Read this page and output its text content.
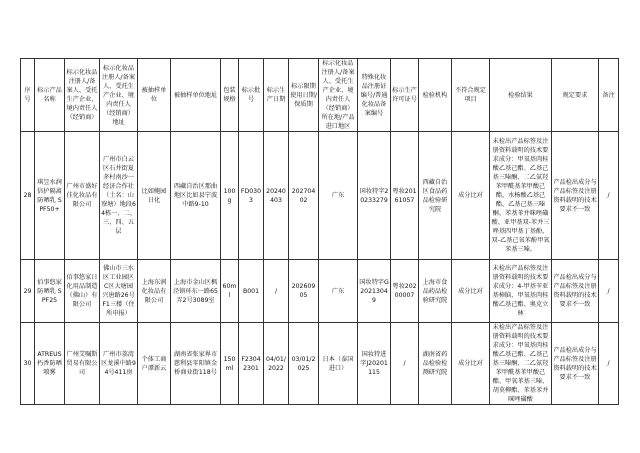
序号	标示产品名称	标示化妆品注册人/备案人、受托生产企业、境内责任人（经销商）	标示化妆品注册人/备案人、受托生产企业、境内责任人（经销商）地址	被抽样单位	被抽样单位地址	包装规格	标示批号	标示生产日期	标示限期使用日期/保质期	标示化妆品注册人/备案人、受托生产企业、境内责任人（经销商）所在地/产品进口地区	特殊化妆品注册证编号/普通化妆品备案编号	标示生产许可证号	检验机构	不符合规定项目	检验结果	规定要求	备注
28	琪昱水润倍护隔离防晒乳 SPF50+	广州市盛好佳化妆品有限公司	广州市白云区石井街夏茅村南沙一经济合作社（土名：山寮塘）地段64栋一、二、三、四、五层	比如鲍园日化	西藏自治区那曲地区比如县宁波中路9-10	100g	FD0303	20240403	20270402	广东	国妆特字20233279	粤妆20161057	西藏自治区食品药品检验研究院	成分比对	未检出产品标签及注册资料载明的技术要求成分：甲氧基肉桂酸乙基己酯、乙基己基三嗪酮、二乙氨羟苯甲酰基苯甲酸己酯、水杨酸乙基己酯、乙基己基三嗪酮、苯基苯并咪唑磺酸、亚甲基双-苯并三唑基四甲基丁基酚、双-乙基己氧苯酚甲氧苯基三嗪。	产品检出成分与产品标签及注册资料载明的技术要求不一致	/
29	佰事悠家防晒乳 SPF25	佰事悠家日化用品制造（佛山）有限公司	佛山市三水区工业园区C区大塘园兴唐路26号F1三楼（住所申报）	上海东润化妆品有限公司	上海市金山区枫泾镇环东一路65弄2号3089室	60ml	B001	/	20260905	广东	国妆特字G20213049	粤妆20200007	上海市食品药品检验研究院	成分比对	未检出产品标签及注册资料载明的技术要求成分：4-甲基苄亚基樟脑、甲氧基肉桂酸乙基己酯、奥克立林	产品检出成分与产品标签及注册资料载明的技术要求不一致	/
30	ATREUS 朽香防晒喷雾	广州艾嘱斯贸易有限公司	广州市荔湾区龙溪中路94号411房	个体工商户谭新云	湖南省张家界市慈利县零阳镇金桥商业街118号	150ml	F23042301	04/01/2022	03/01/2025	日本（泰国进口）	国妆特进字J20201115	/	湖南省药品检验检测研究院	成分比对	未检出产品标签及注册资料载明的技术要求成分：甲氧基肉桂酸乙基己酯、乙基己基三嗪酮、二乙氨羟苯甲酰基苯甲酸己酯、甲氧苯基三嗪、胡莫柳酯、苯基苯并咪唑磺酸	产品检出成分与产品标签及注册资料载明的技术要求不一致	/
